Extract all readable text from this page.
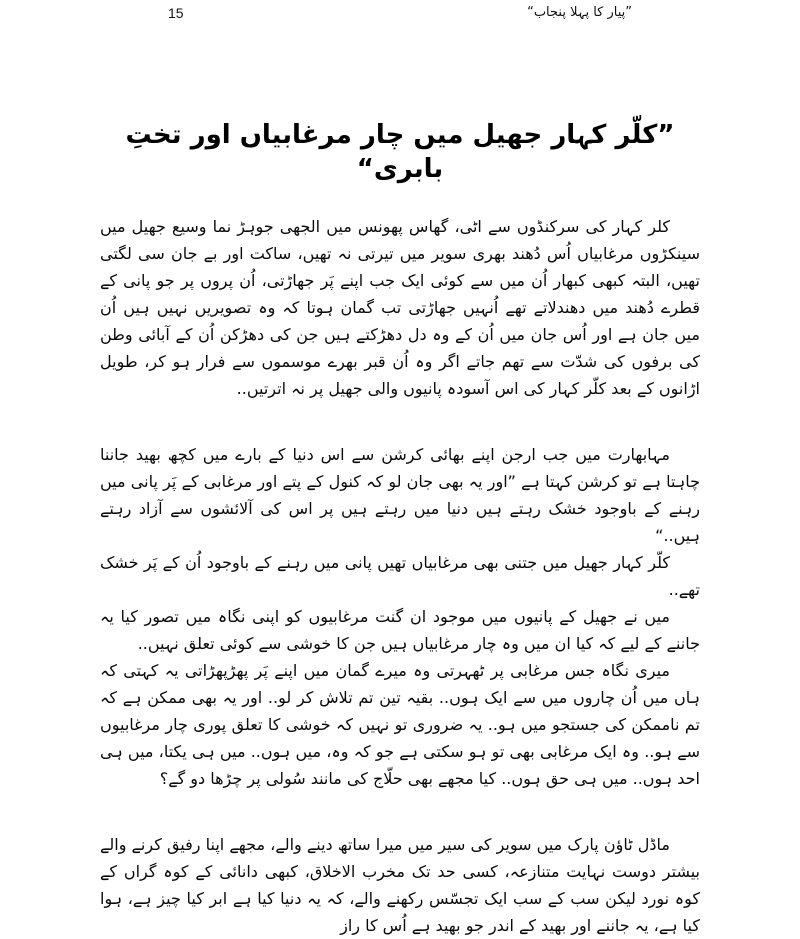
15	”پیار کا پہلا پنجاب“
”کلّر کہار جھیل میں چار مرغابیاں اور تختِ بابری“

کلر کہار کی سرکنڈوں سے اٹی، گھاس پھونس میں الجھی جوہڑ نما وسیع جھیل میں سینکڑوں مرغابیاں اُس دُھند بھری سویر میں تیرتی نہ تھیں، ساکت اور بے جان سی لگتی تھیں، البتہ کبھی کبھار اُن میں سے کوئی ایک جب اپنے پَر جھاڑتی، اُن پروں پر جو پانی کے قطرے دُھند میں دھندلاتے تھے اُنہیں جھاڑتی تب گمان ہوتا کہ وہ تصویریں نہیں ہیں اُن میں جان ہے اور اُس جان میں اُن کے وہ دل دھڑکتے ہیں جن کی دھڑکن اُن کے آبائی وطن کی برفوں کی شدّت سے تھم جاتے اگر وہ اُن قبر بھرے موسموں سے فرار ہو کر، طویل اڑانوں کے بعد کلّر کہار کی اس آسودہ پانیوں والی جھیل پر نہ اترتیں..

مہابھارت میں جب ارجن اپنے بھائی کرشن سے اس دنیا کے بارے میں کچھ بھید جاننا چاہتا ہے تو کرشن کہتا ہے ”اور یہ بھی جان لو کہ کنول کے پتے اور مرغابی کے پَر پانی میں رہنے کے باوجود خشک رہتے ہیں دنیا میں رہتے ہیں پر اس کی آلائشوں سے آزاد رہتے ہیں..“

کلّر کہار جھیل میں جتنی بھی مرغابیاں تھیں پانی میں رہنے کے باوجود اُن کے پَر خشک تھے..

میں نے جھیل کے پانیوں میں موجود ان گنت مرغابیوں کو اپنی نگاہ میں تصور کیا یہ جاننے کے لیے کہ کیا ان میں وہ چار مرغابیاں ہیں جن کا خوشی سے کوئی تعلق نہیں..

میری نگاہ جس مرغابی پر ٹھہرتی وہ میرے گمان میں اپنے پَر پھڑپھڑاتی یہ کہتی کہ ہاں میں اُن چاروں میں سے ایک ہوں.. بقیہ تین تم تلاش کر لو.. اور یہ بھی ممکن ہے کہ تم ناممکن کی جستجو میں ہو.. یہ ضروری تو نہیں کہ خوشی کا تعلق پوری چار مرغابیوں سے ہو.. وہ ایک مرغابی بھی تو ہو سکتی ہے جو کہ وہ، میں ہوں.. میں ہی یکتا، میں ہی احد ہوں.. میں ہی حق ہوں.. کیا مجھے بھی حلّاج کی مانند سُولی پر چڑھا دو گے؟

ماڈل ٹاؤن پارک میں سویر کی سیر میں میرا ساتھ دینے والے، مجھے اپنا رفیق کرنے والے بیشتر دوست نہایت متنازعہ، کسی حد تک مخرب الاخلاق، کبھی دانائی کے کوہ گراں کے کوہ نورد لیکن سب کے سب ایک تجسّس رکھنے والے، کہ یہ دنیا کیا ہے ابر کیا چیز ہے، ہوا کیا ہے، یہ جاننے اور بھید کے اندر جو بھید ہے اُس کا راز
